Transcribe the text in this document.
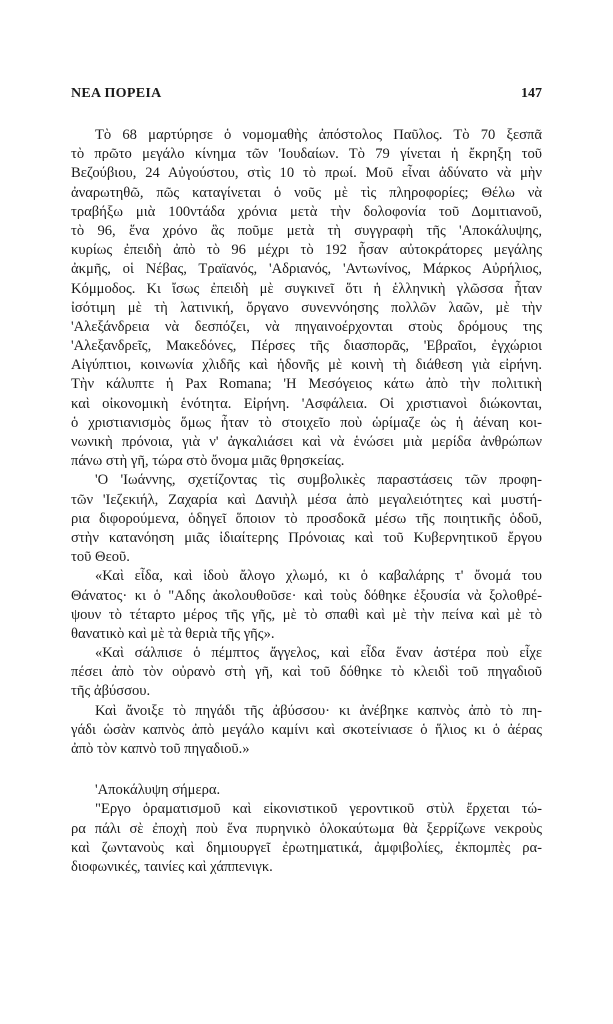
ΝΕΑ ΠΟΡΕΙΑ	147
Τὸ 68 μαρτύρησε ὁ νομομαθὴς ἀπόστολος Παῦλος. Τὸ 70 ξεσπᾶ
τὸ πρῶτο μεγάλο κίνημα τῶν 'Ιουδαίων. Τὸ 79 γίνεται ἡ ἔκρηξη τοῦ
Βεζούβιου, 24 Αὐγούστου, στὶς 10 τὸ πρωί. Μοῦ εἶναι ἀδύνατο νὰ μὴν
ἀναρωτηθῶ, πῶς καταγίνεται ὁ νοῦς μὲ τὶς πληροφορίες; Θέλω νὰ
τραβήξω μιὰ 100ντάδα χρόνια μετὰ τὴν δολοφονία τοῦ Δομιτιανοῦ,
τὸ 96, ἕνα χρόνο ἃς ποῦμε μετὰ τὴ συγγραφὴ τῆς 'Αποκάλυψης,
κυρίως ἐπειδὴ ἀπὸ τὸ 96 μέχρι τὸ 192 ἦσαν αὐτοκράτορες μεγάλης
ἀκμῆς, οἱ Νέβας, Τραϊανός, 'Αδριανός, 'Αντωνίνος, Μάρκος Αὐρήλιος,
Κόμμοδος. Κι ἴσως ἐπειδὴ μὲ συγκινεῖ ὅτι ἡ ἑλληνικὴ γλῶσσα ἦταν
ἰσότιμη μὲ τὴ λατινική, ὄργανο συνεννόησης πολλῶν λαῶν, μὲ τὴν
'Αλεξάνδρεια νὰ δεσπόζει, νὰ πηγαινοέρχονται στοὺς δρόμους της
'Αλεξανδρεῖς, Μακεδόνες, Πέρσες τῆς διασπορᾶς, 'Εβραῖοι, ἐγχώριοι
Αἰγύπτιοι, κοινωνία χλιδῆς καὶ ἡδονῆς μὲ κοινὴ τὴ διάθεση γιὰ εἰρήνη.
Τὴν κάλυπτε ἡ Pax Romana; 'Η Μεσόγειος κάτω ἀπὸ τὴν πολιτικὴ
καὶ οἰκονομικὴ ἑνότητα. Εἰρήνη. 'Ασφάλεια. Οἱ χριστιανοὶ διώκονται,
ὁ χριστιανισμὸς ὅμως ἦταν τὸ στοιχεῖο ποὺ ὡρίμαζε ὡς ἡ ἀέναη κοι-
νωνικὴ πρόνοια, γιὰ ν' ἀγκαλιάσει καὶ νὰ ἑνώσει μιὰ μερίδα ἀνθρώπων
πάνω στὴ γῆ, τώρα στὸ ὄνομα μιᾶς θρησκείας.
'Ο 'Ιωάννης, σχετίζοντας τὶς συμβολικὲς παραστάσεις τῶν προφη-
τῶν 'Ιεζεκιήλ, Ζαχαρία καὶ Δανιὴλ μέσα ἀπὸ μεγαλειότητες καὶ μυστή-
ρια διφορούμενα, ὁδηγεῖ ὅποιον τὸ προσδοκᾶ μέσω τῆς ποιητικῆς ὁδοῦ,
στὴν κατανόηση μιᾶς ἰδιαίτερης Πρόνοιας καὶ τοῦ Κυβερνητικοῦ ἔργου
τοῦ Θεοῦ.
«Καὶ εἶδα, καὶ ἰδοὺ ἄλογο χλωμό, κι ὁ καβαλάρης τ' ὄνομά του
Θάνατος· κι ὁ "Αδης ἀκολουθοῦσε· καὶ τοὺς δόθηκε ἐξουσία νὰ ξολοθρέ-
ψουν τὸ τέταρτο μέρος τῆς γῆς, μὲ τὸ σπαθὶ καὶ μὲ τὴν πείνα καὶ μὲ τὸ
θανατικὸ καὶ μὲ τὰ θεριὰ τῆς γῆς».
«Καὶ σάλπισε ὁ πέμπτος ἄγγελος, καὶ εἶδα ἕναν ἀστέρα ποὺ εἶχε
πέσει ἀπὸ τὸν οὐρανὸ στὴ γῆ, καὶ τοῦ δόθηκε τὸ κλειδὶ τοῦ πηγαδιοῦ
τῆς ἀβύσσου.
Καὶ ἄνοιξε τὸ πηγάδι τῆς ἀβύσσου· κι ἀνέβηκε καπνὸς ἀπὸ τὸ πη-
γάδι ὡσὰν καπνὸς ἀπὸ μεγάλο καμίνι καὶ σκοτείνιασε ὁ ἥλιος κι ὁ ἀέρας
ἀπὸ τὸν καπνὸ τοῦ πηγαδιοῦ.»
'Αποκάλυψη σήμερα.
"Εργο ὁραματισμοῦ καὶ εἰκονιστικοῦ γεροντικοῦ στὺλ ἔρχεται τώ-
ρα πάλι σὲ ἐποχὴ ποὺ ἕνα πυρηνικὸ ὁλοκαύτωμα θὰ ξερρίζωνε νεκροὺς
καὶ ζωντανοὺς καὶ δημιουργεῖ ἐρωτηματικά, ἀμφιβολίες, ἐκπομπὲς ρα-
διοφωνικές, ταινίες καὶ χάππενιγκ.
